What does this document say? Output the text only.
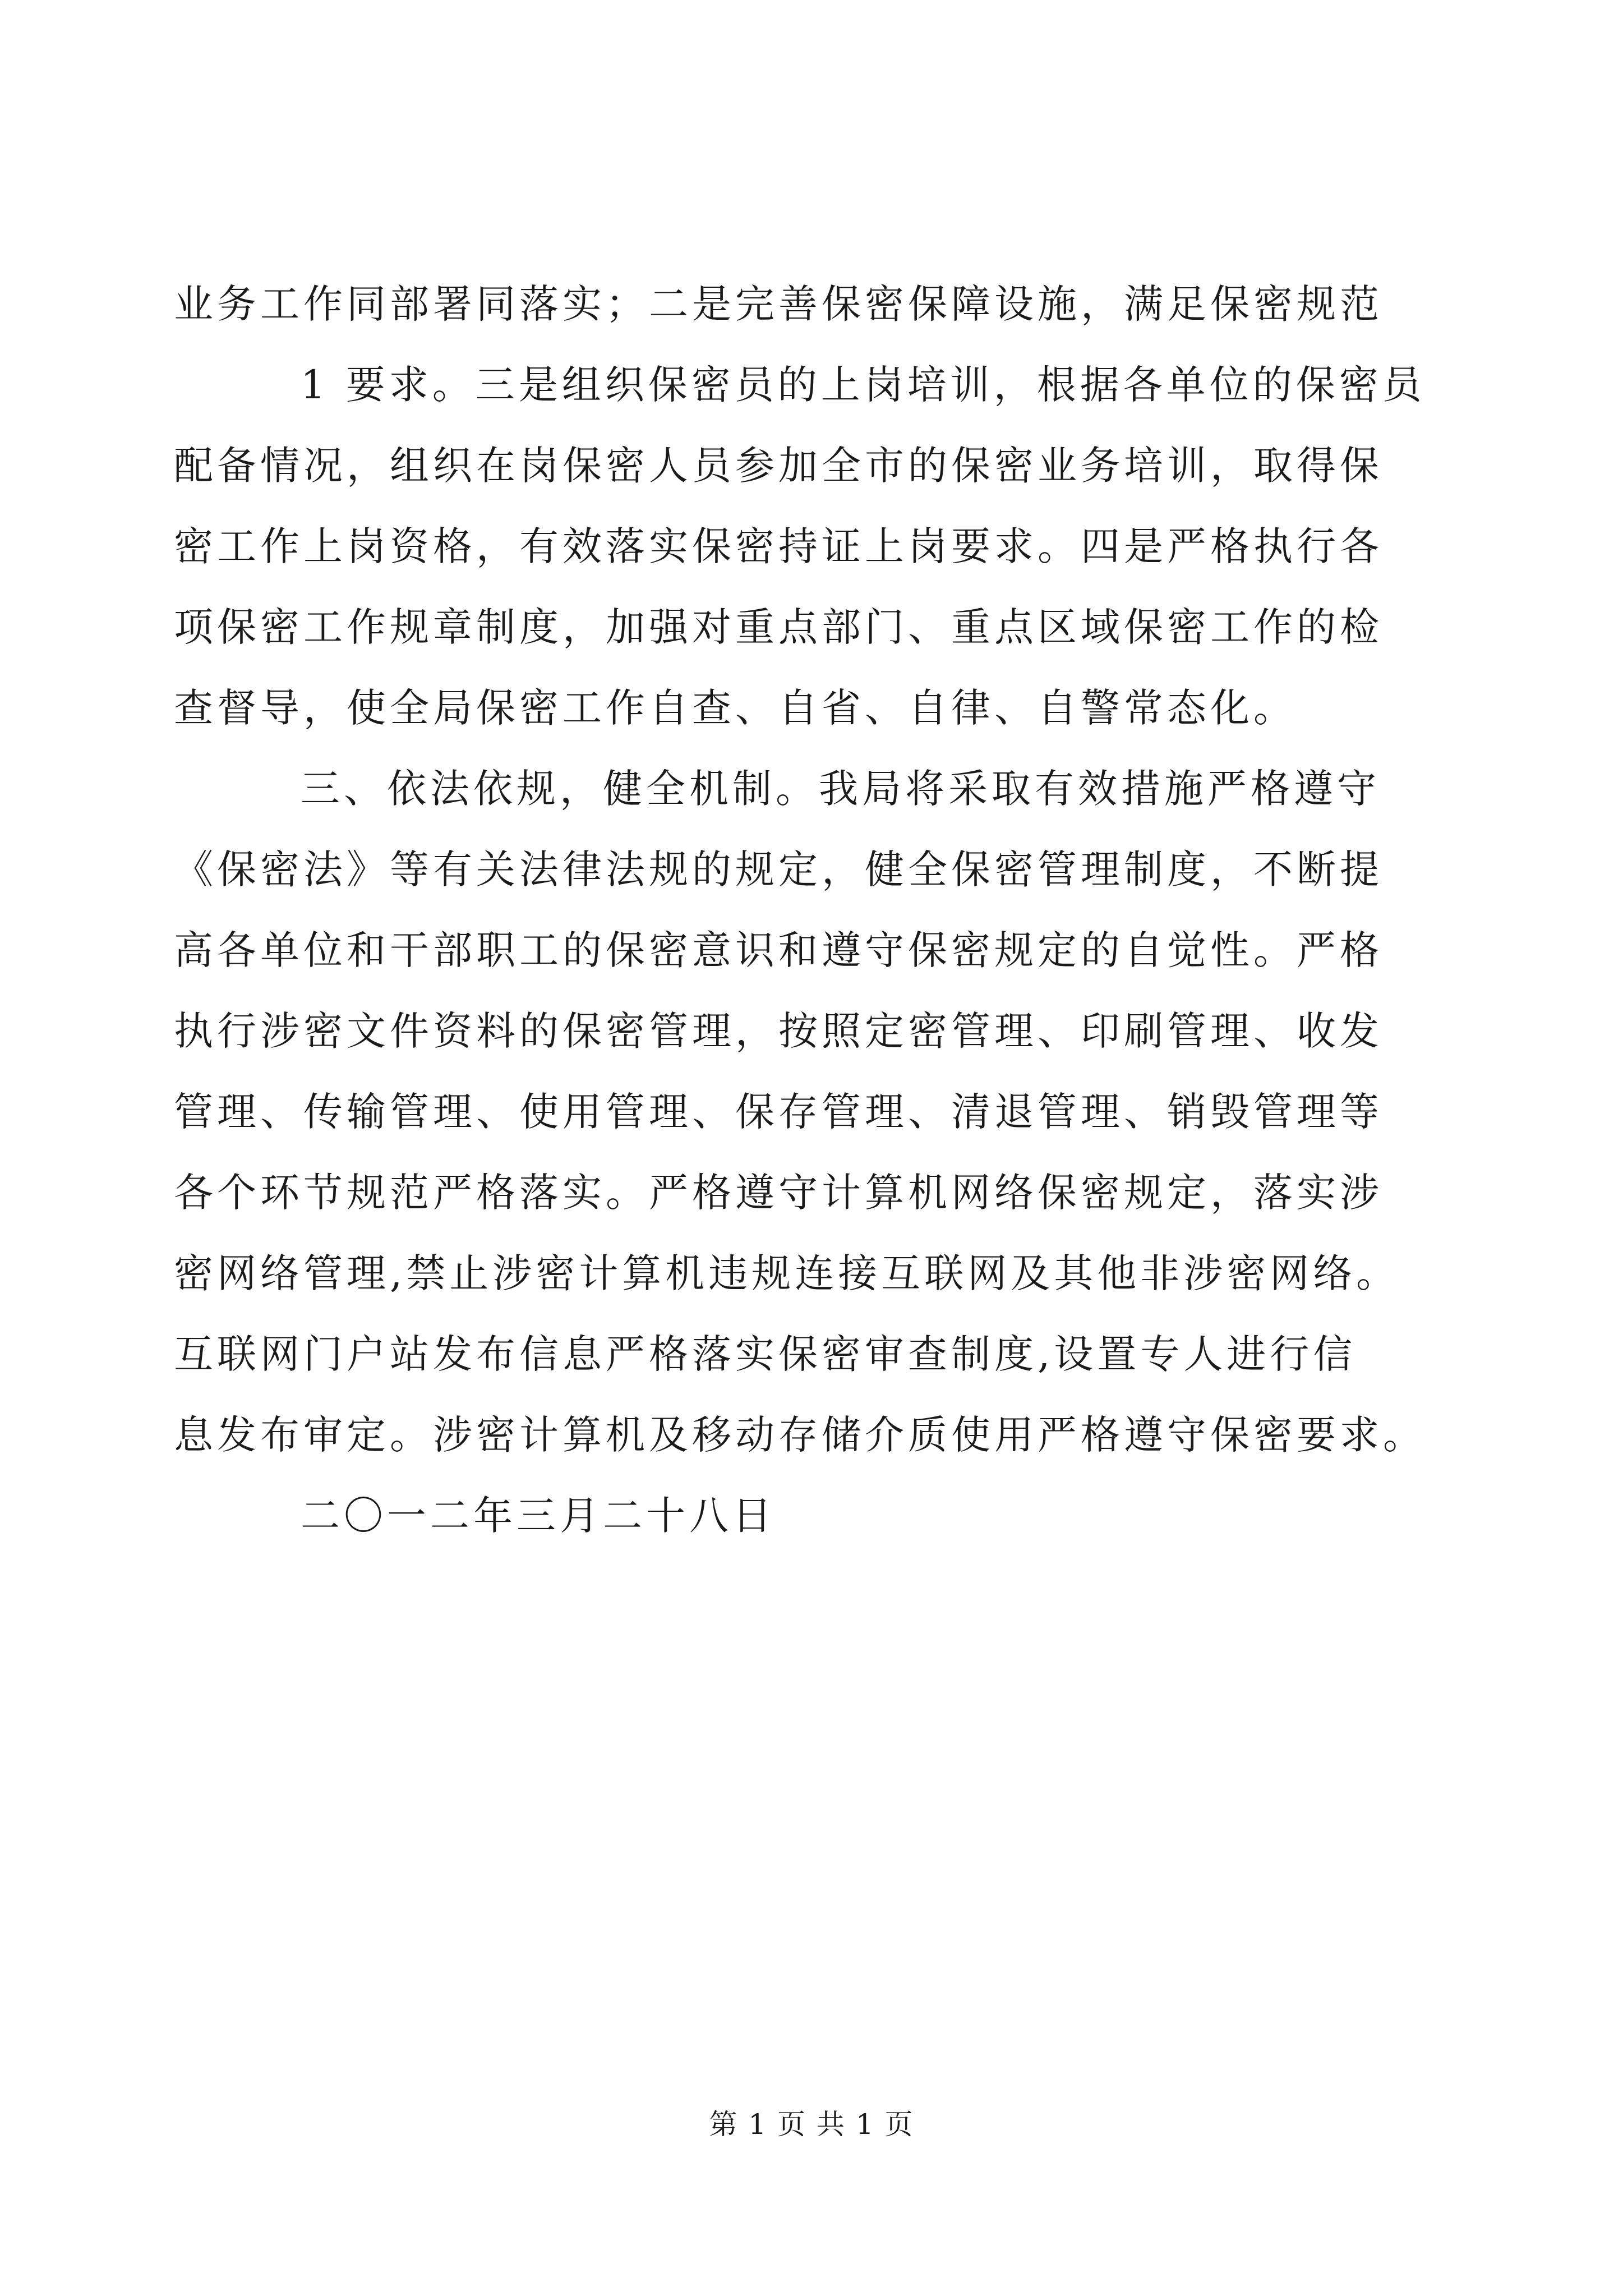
业务工作同部署同落实；二是完善保密保障设施，满足保密规范
1 要求。三是组织保密员的上岗培训，根据各单位的保密员
配备情况，组织在岗保密人员参加全市的保密业务培训，取得保
密工作上岗资格，有效落实保密持证上岗要求。四是严格执行各
项保密工作规章制度，加强对重点部门、重点区域保密工作的检
查督导，使全局保密工作自查、自省、自律、自警常态化。
三、依法依规，健全机制。我局将采取有效措施严格遵守
《保密法》等有关法律法规的规定，健全保密管理制度，不断提
高各单位和干部职工的保密意识和遵守保密规定的自觉性。严格
执行涉密文件资料的保密管理，按照定密管理、印刷管理、收发
管理、传输管理、使用管理、保存管理、清退管理、销毁管理等
各个环节规范严格落实。严格遵守计算机网络保密规定，落实涉
密网络管理,禁止涉密计算机违规连接互联网及其他非涉密网络。
互联网门户站发布信息严格落实保密审查制度,设置专人进行信
息发布审定。涉密计算机及移动存储介质使用严格遵守保密要求。
二〇一二年三月二十八日
第 1 页 共 1 页
